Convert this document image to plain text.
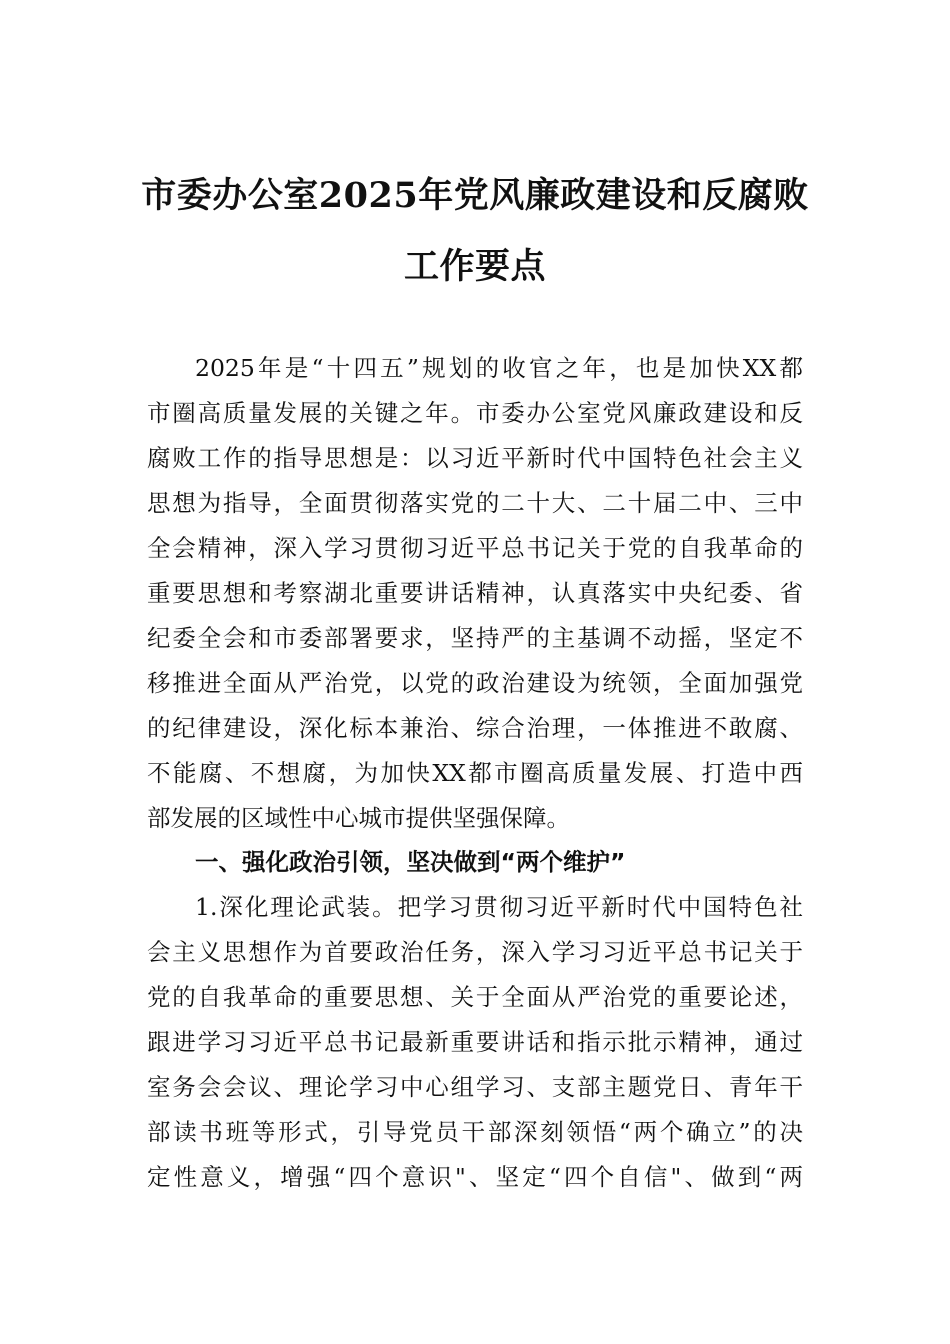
市委办公室2025年党风廉政建设和反腐败
工作要点
2025年是“十四五”规划的收官之年，也是加快XX都
市圈高质量发展的关键之年。市委办公室党风廉政建设和反
腐败工作的指导思想是：以习近平新时代中国特色社会主义
思想为指导，全面贯彻落实党的二十大、二十届二中、三中
全会精神，深入学习贯彻习近平总书记关于党的自我革命的
重要思想和考察湖北重要讲话精神，认真落实中央纪委、省
纪委全会和市委部署要求，坚持严的主基调不动摇，坚定不
移推进全面从严治党，以党的政治建设为统领，全面加强党
的纪律建设，深化标本兼治、综合治理，一体推进不敢腐、
不能腐、不想腐，为加快XX都市圈高质量发展、打造中西
部发展的区域性中心城市提供坚强保障。
一、强化政治引领，坚决做到“两个维护”
1.深化理论武装。把学习贯彻习近平新时代中国特色社
会主义思想作为首要政治任务，深入学习习近平总书记关于
党的自我革命的重要思想、关于全面从严治党的重要论述，
跟进学习习近平总书记最新重要讲话和指示批示精神，通过
室务会会议、理论学习中心组学习、支部主题党日、青年干
部读书班等形式，引导党员干部深刻领悟“两个确立”的决
定性意义，增强“四个意识"、坚定“四个自信"、做到“两
